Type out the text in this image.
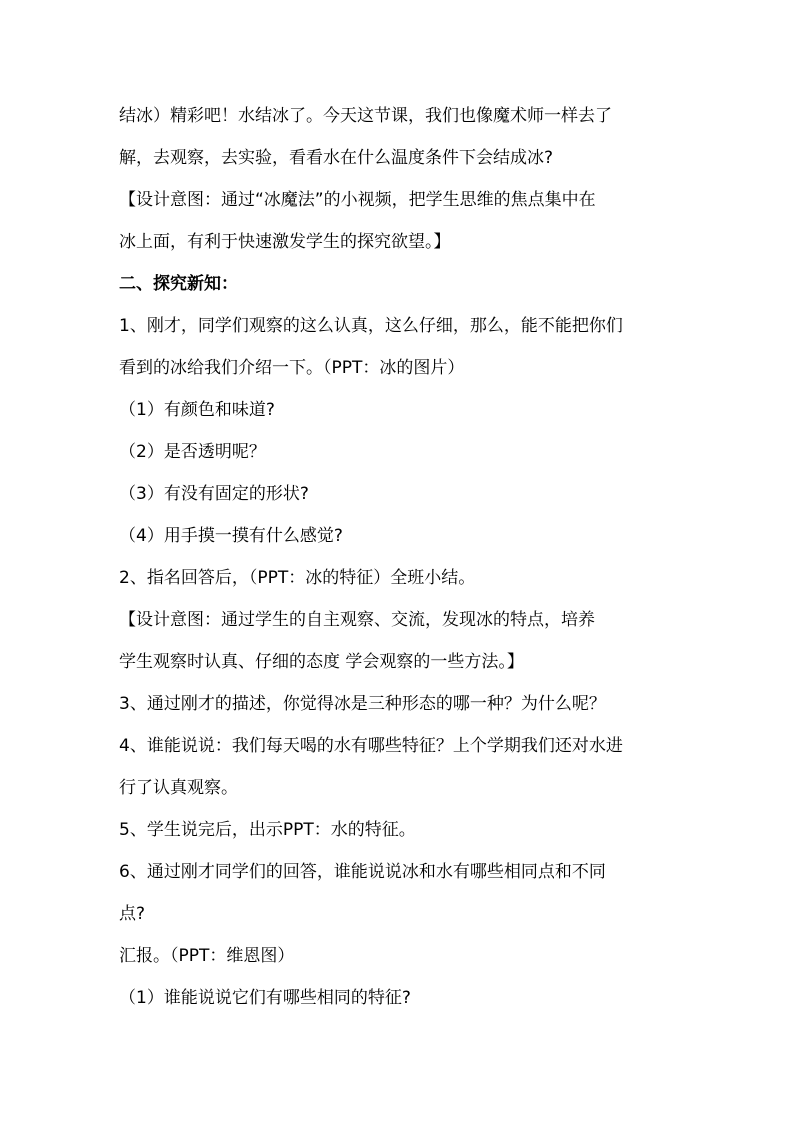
结冰）精彩吧！水结冰了。今天这节课，我们也像魔术师一样去了
解，去观察，去实验，看看水在什么温度条件下会结成冰?
【设计意图：通过“冰魔法”的小视频，把学生思维的焦点集中在
冰上面，有利于快速激发学生的探究欲望。】
二、探究新知：
1、刚才，同学们观察的这么认真，这么仔细，那么，能不能把你们
看到的冰给我们介绍一下。（PPT：冰的图片）
（1）有颜色和味道?
（2）是否透明呢？
（3）有没有固定的形状?
（4）用手摸一摸有什么感觉?
2、指名回答后，（PPT：冰的特征）全班小结。
【设计意图：通过学生的自主观察、交流，发现冰的特点，培养
学生观察时认真、仔细的态度 学会观察的一些方法。】
3、通过刚才的描述，你觉得冰是三种形态的哪一种？为什么呢？
4、谁能说说：我们每天喝的水有哪些特征？上个学期我们还对水进
行了认真观察。
5、学生说完后，出示PPT：水的特征。
6、通过刚才同学们的回答，谁能说说冰和水有哪些相同点和不同
点?
汇报。（PPT：维恩图）
（1）谁能说说它们有哪些相同的特征?
